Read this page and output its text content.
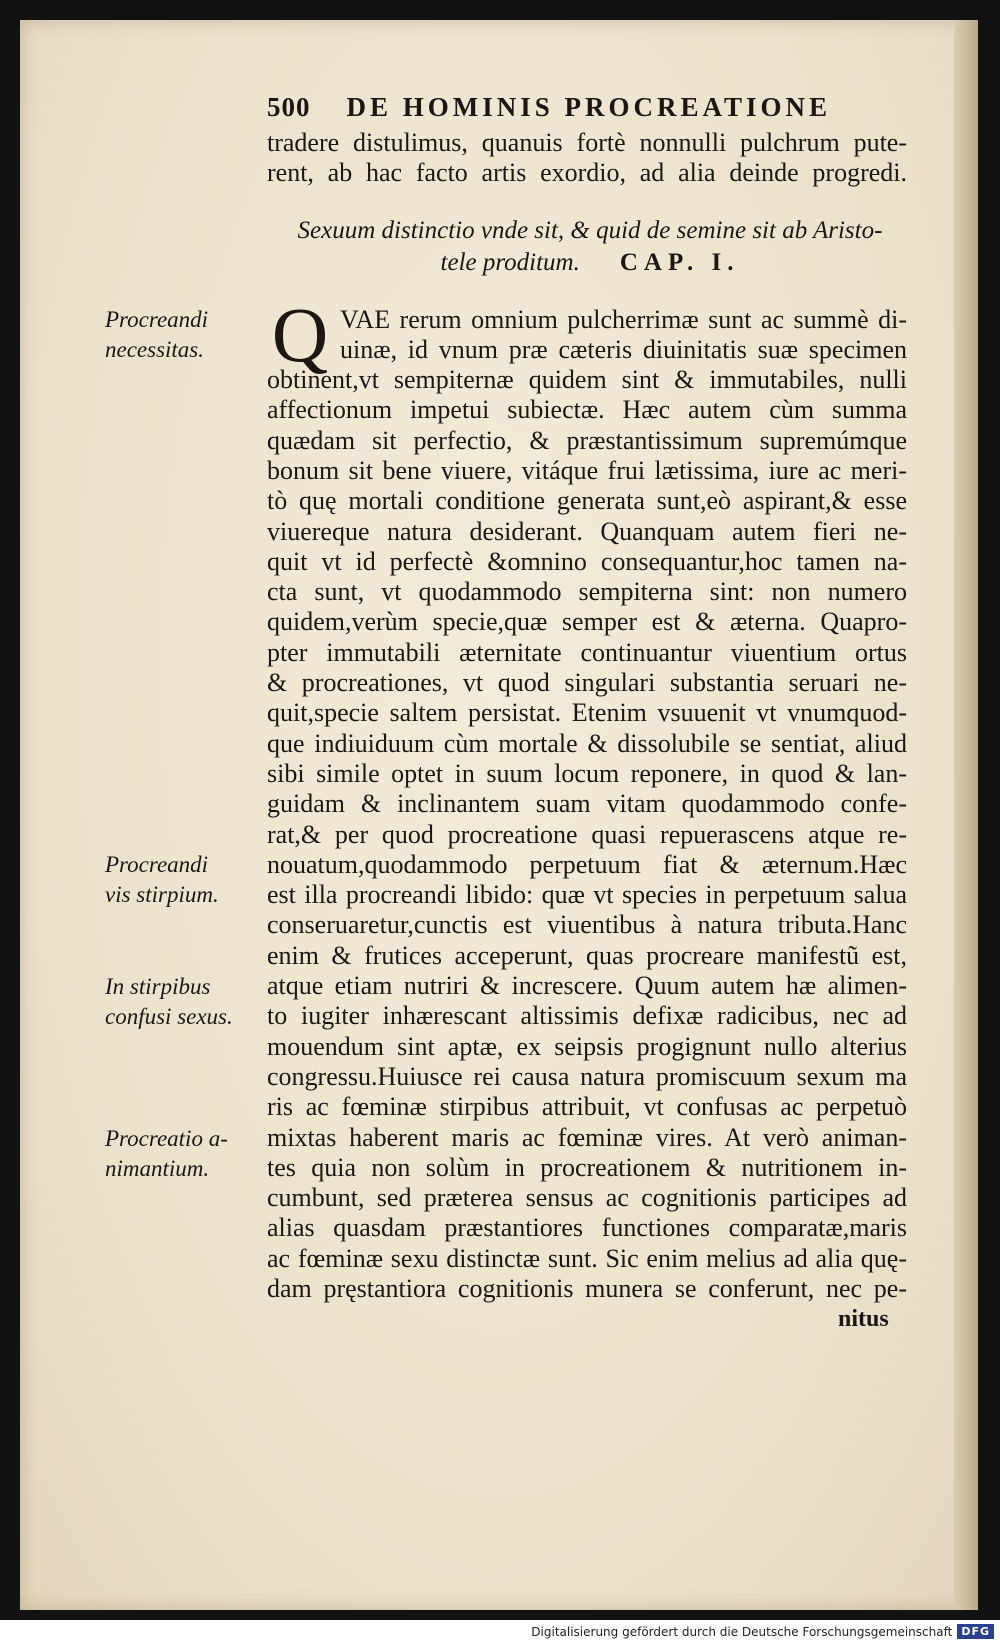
500 DE HOMINIS PROCREATIONE
tradere distulimus, quanuis fortè nonnulli pulchrum pute-
rent, ab hac facto artis exordio, ad alia deinde progredi.
Sexuum distinctio vnde sit, & quid de semine sit ab Aristo-
tele proditum. CAP. I.
Q VAE rerum omnium pulcherrimæ sunt ac summè di-
uinæ, id vnum præ cæteris diuinitatis suæ specimen
obtinent,vt sempiternæ quidem sint & immutabiles, nulli
affectionum impetui subiectæ. Hæc autem cùm summa
quædam sit perfectio, & præstantissimum supremúmque
bonum sit bene viuere, vitáque frui lætissima, iure ac meri-
tò quę mortali conditione generata sunt,eò aspirant,& esse
viuereque natura desiderant. Quanquam autem fieri ne-
quit vt id perfectè &omnino consequantur,hoc tamen na-
cta sunt, vt quodammodo sempiterna sint: non numero
quidem,verùm specie,quæ semper est & æterna. Quapro-
pter immutabili æternitate continuantur viuentium ortus
& procreationes, vt quod singulari substantia seruari ne-
quit,specie saltem persistat. Etenim vsuuenit vt vnumquod-
que indiuiduum cùm mortale & dissolubile se sentiat, aliud
sibi simile optet in suum locum reponere, in quod & lan-
guidam & inclinantem suam vitam quodammodo confe-
rat,& per quod procreatione quasi repuerascens atque re-
nouatum,quodammodo perpetuum fiat & æternum.Hæc
est illa procreandi libido: quæ vt species in perpetuum salua
conseruaretur,cunctis est viuentibus à natura tributa.Hanc
enim & frutices acceperunt, quas procreare manifestũ est,
atque etiam nutriri & increscere. Quum autem hæ alimen-
to iugiter inhærescant altissimis defixæ radicibus, nec ad
mouendum sint aptæ, ex seipsis progignunt nullo alterius
congressu.Huiusce rei causa natura promiscuum sexum ma
ris ac fœminæ stirpibus attribuit, vt confusas ac perpetuò
mixtas haberent maris ac fœminæ vires. At verò animan-
tes quia non solùm in procreationem & nutritionem in-
cumbunt, sed præterea sensus ac cognitionis participes ad
alias quasdam præstantiores functiones comparatæ,maris
ac fœminæ sexu distinctæ sunt. Sic enim melius ad alia quę-
dam pręstantiora cognitionis munera se conferunt, nec pe-
Procreandi
necessitas.
Procreandi
vis stirpium.
In stirpibus
confusi sexus.
Procreatio a-
nimantium.
nitus
Digitalisierung gefördert durch die Deutsche Forschungsgemeinschaft DFG
